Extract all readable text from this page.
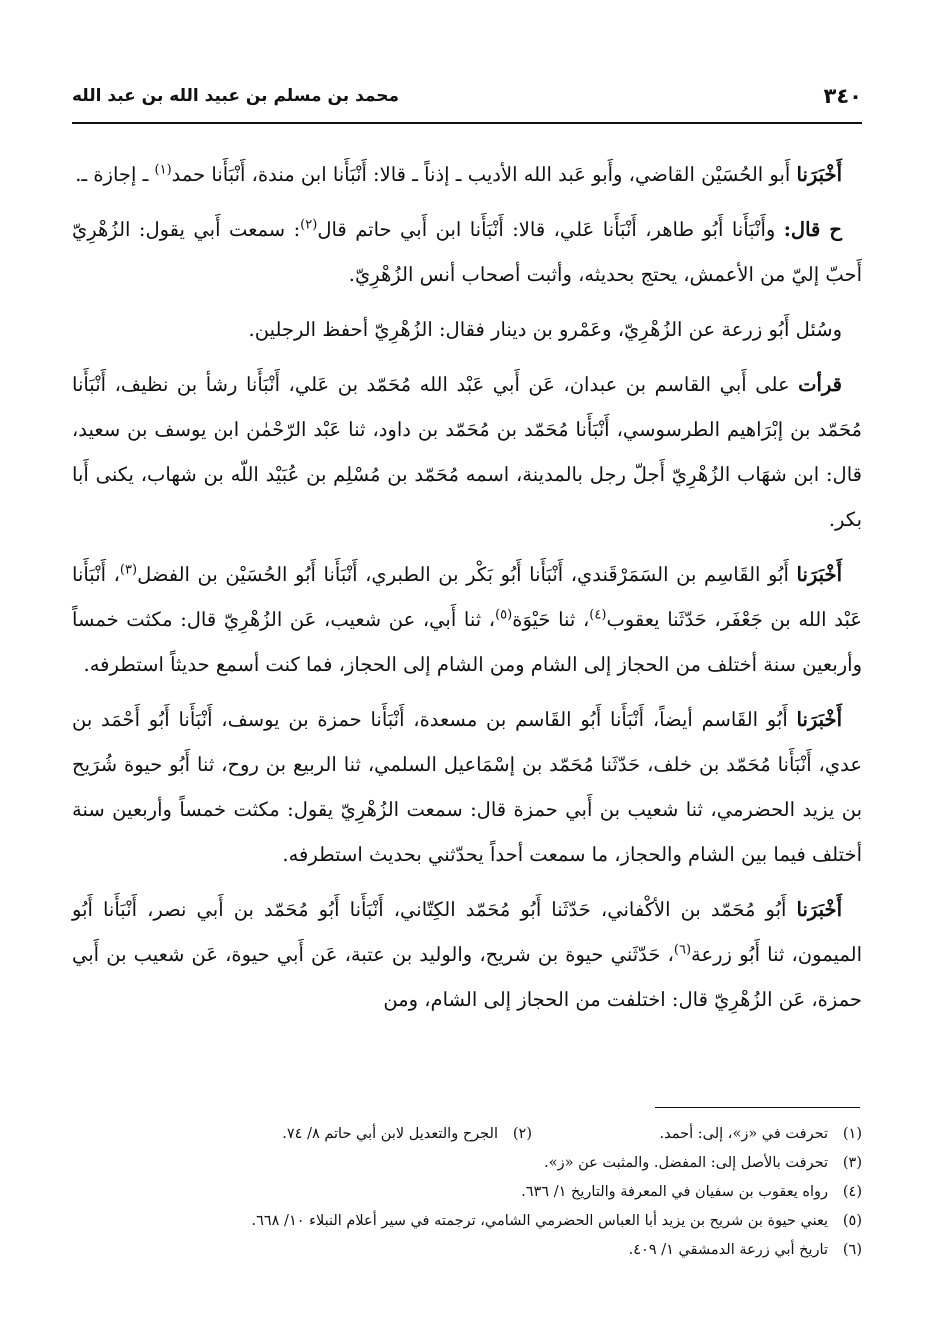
٣٤٠
محمد بن مسلم بن عبيد الله بن عبد الله

أَخْبَرَنا أَبو الحُسَيْن القاضي، وأَبو عَبد الله الأديب ـ إذناً ـ قالا: أَنْبَأَنا ابن مندة، أَنْبَأَنا حمد$^{(١)}$ ـ إجازة ـ.

ح قال: وأَنْبَأَنا أَبُو طاهر، أَنْبَأَنا عَلي، قالا: أَنْبَأَنا ابن أَبي حاتم قال$^{(٢)}$: سمعت أَبي يقول: الزُهْرِيّ أَحبّ إليّ من الأعمش، يحتج بحديثه، وأثبت أصحاب أنس الزُهْرِيّ.

وسُئل أَبُو زرعة عن الزُهْرِيّ، وعَمْرو بن دينار فقال: الزُهْرِيّ أحفظ الرجلين.

قرأت على أَبي القاسم بن عبدان، عَن أَبي عَبْد الله مُحَمّد بن عَلي، أَنْبَأَنا رشأ بن نظيف، أَنْبَأَنا مُحَمّد بن إبْرَاهيم الطرسوسي، أَنْبَأَنا مُحَمّد بن مُحَمّد بن داود، ثنا عَبْد الرّحْمٰن ابن يوسف بن سعيد، قال: ابن شهَاب الزُهْرِيّ أَجلّ رجل بالمدينة، اسمه مُحَمّد بن مُسْلِم بن عُبَيْد اللّه بن شهاب، يكنى أَبا بكر.

أَخْبَرَنا أَبُو القَاسِم بن السَمَرْقَندي، أَنْبَأَنا أَبُو بَكْر بن الطبري، أَنْبَأَنا أَبُو الحُسَيْن بن الفضل$^{(٣)}$، أَنْبَأَنا عَبْد الله بن جَعْفَر، حَدّثَنا يعقوب$^{(٤)}$، ثنا حَيْوَة$^{(٥)}$، ثنا أَبي، عن شعيب، عَن الزُهْرِيّ قال: مكثت خمساً وأربعين سنة أختلف من الحجاز إلى الشام ومن الشام إلى الحجاز، فما كنت أسمع حديثاً استطرفه.

أَخْبَرَنا أَبُو القَاسم أيضاً، أَنْبَأَنا أَبُو القَاسم بن مسعدة، أَنْبَأَنا حمزة بن يوسف، أَنْبَأَنا أَبُو أَحْمَد بن عدي، أَنْبَأَنا مُحَمّد بن خلف، حَدّثَنا مُحَمّد بن إسْمَاعيل السلمي، ثنا الربيع بن روح، ثنا أَبُو حيوة شُرَيح بن يزيد الحضرمي، ثنا شعيب بن أَبي حمزة قال: سمعت الزُهْرِيّ يقول: مكثت خمساً وأربعين سنة أختلف فيما بين الشام والحجاز، ما سمعت أحداً يحدّثني بحديث استطرفه.

أَخْبَرَنا أَبُو مُحَمّد بن الأكْفاني، حَدّثَنا أَبُو مُحَمّد الكِتّاني، أَنْبَأَنا أَبُو مُحَمّد بن أَبي نصر، أَنْبَأَنا أَبُو الميمون، ثنا أَبُو زرعة$^{(٦)}$، حَدّثَني حيوة بن شريح، والوليد بن عتبة، عَن أَبي حيوة، عَن شعيب بن أَبي حمزة، عَن الزُهْرِيّ قال: اختلفت من الحجاز إلى الشام، ومن

(١)
تحرفت في «ز»، إلى: أحمد.
(٢)
الجرح والتعديل لابن أبي حاتم ٨/ ٧٤.
(٣)
تحرفت بالأصل إلى: المفضل. والمثبت عن «ز».
(٤)
رواه يعقوب بن سفيان في المعرفة والتاريخ ١/ ٦٣٦.
(٥)
يعني حيوة بن شريح بن يزيد أبا العباس الحضرمي الشامي، ترجمته في سير أعلام النبلاء ١٠/ ٦٦٨.
(٦)
تاريخ أبي زرعة الدمشقي ١/ ٤٠٩.
